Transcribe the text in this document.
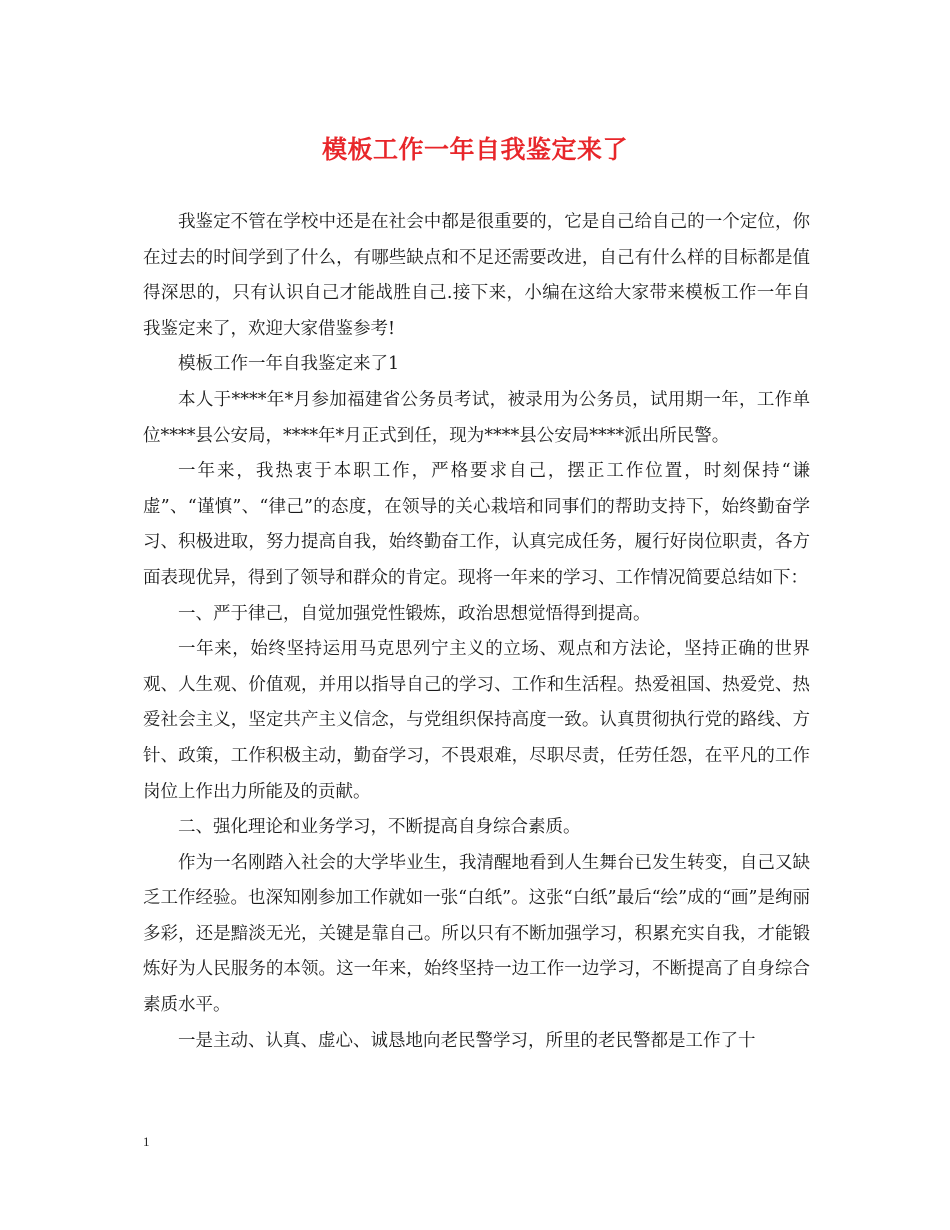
模板工作一年自我鉴定来了

我鉴定不管在学校中还是在社会中都是很重要的，它是自己给自己的一个定位，你在过去的时间学到了什么，有哪些缺点和不足还需要改进，自己有什么样的目标都是值得深思的，只有认识自己才能战胜自己.接下来，小编在这给大家带来模板工作一年自我鉴定来了，欢迎大家借鉴参考!

模板工作一年自我鉴定来了1

本人于****年*月参加福建省公务员考试，被录用为公务员，试用期一年，工作单位****县公安局，****年*月正式到任，现为****县公安局****派出所民警。

一年来，我热衷于本职工作，严格要求自己，摆正工作位置，时刻保持“谦虚”、“谨慎”、“律己”的态度，在领导的关心栽培和同事们的帮助支持下，始终勤奋学习、积极进取，努力提高自我，始终勤奋工作，认真完成任务，履行好岗位职责，各方面表现优异，得到了领导和群众的肯定。现将一年来的学习、工作情况简要总结如下：

一、严于律己，自觉加强党性锻炼，政治思想觉悟得到提高。

一年来，始终坚持运用马克思列宁主义的立场、观点和方法论，坚持正确的世界观、人生观、价值观，并用以指导自己的学习、工作和生活程。热爱祖国、热爱党、热爱社会主义，坚定共产主义信念，与党组织保持高度一致。认真贯彻执行党的路线、方针、政策，工作积极主动，勤奋学习，不畏艰难，尽职尽责，任劳任怨，在平凡的工作岗位上作出力所能及的贡献。

二、强化理论和业务学习，不断提高自身综合素质。

作为一名刚踏入社会的大学毕业生，我清醒地看到人生舞台已发生转变，自己又缺乏工作经验。也深知刚参加工作就如一张“白纸”。这张“白纸”最后“绘”成的“画”是绚丽多彩，还是黯淡无光，关键是靠自己。所以只有不断加强学习，积累充实自我，才能锻炼好为人民服务的本领。这一年来，始终坚持一边工作一边学习，不断提高了自身综合素质水平。

一是主动、认真、虚心、诚恳地向老民警学习，所里的老民警都是工作了十

1
